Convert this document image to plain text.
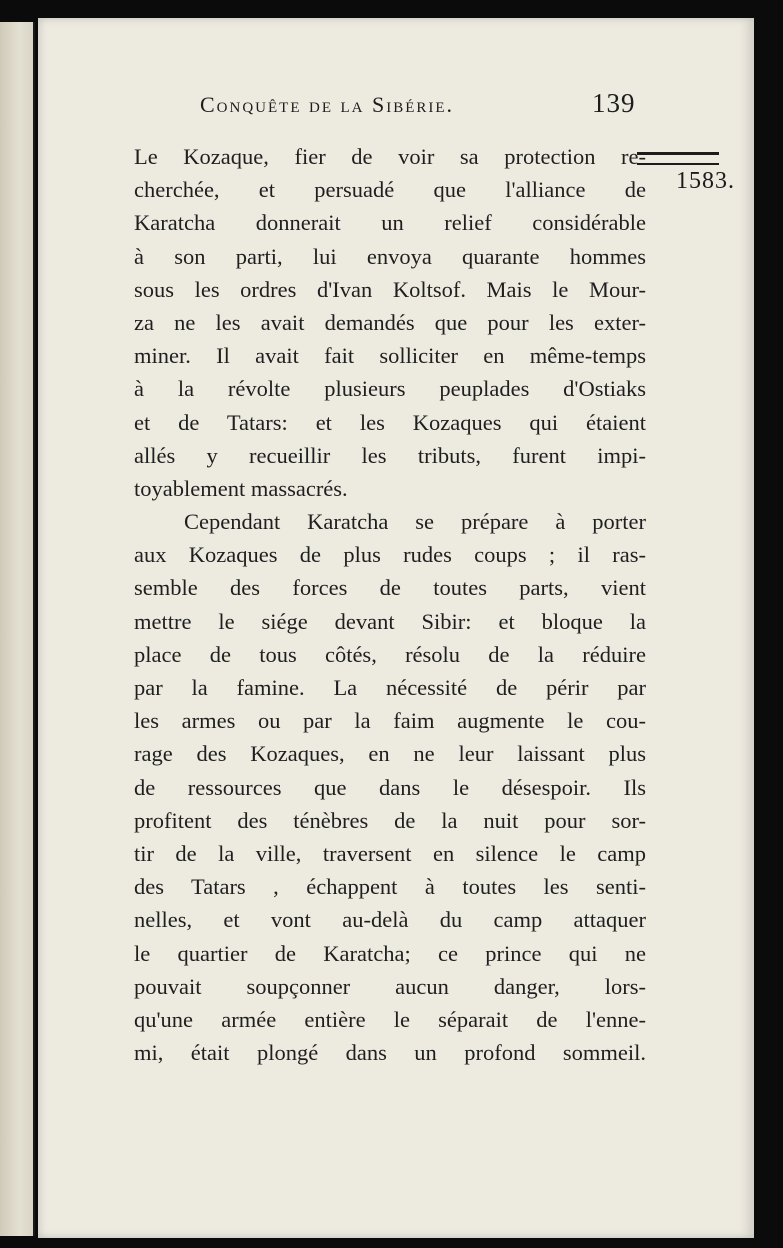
Conquête de la Sibérie.	139
1583.
Le Kozaque, fier de voir sa protection re-
cherchée, et persuadé que l'alliance de
Karatcha donnerait un relief considérable
à son parti, lui envoya quarante hommes
sous les ordres d'Ivan Koltsof. Mais le Mour-
za ne les avait demandés que pour les exter-
miner. Il avait fait solliciter en même-temps
à la révolte plusieurs peuplades d'Ostiaks
et de Tatars: et les Kozaques qui étaient
allés y recueillir les tributs, furent impi-
toyablement massacrés.
Cependant Karatcha se prépare à porter
aux Kozaques de plus rudes coups ; il ras-
semble des forces de toutes parts, vient
mettre le siége devant Sibir: et bloque la
place de tous côtés, résolu de la réduire
par la famine. La nécessité de périr par
les armes ou par la faim augmente le cou-
rage des Kozaques, en ne leur laissant plus
de ressources que dans le désespoir. Ils
profitent des ténèbres de la nuit pour sor-
tir de la ville, traversent en silence le camp
des Tatars , échappent à toutes les senti-
nelles, et vont au-delà du camp attaquer
le quartier de Karatcha; ce prince qui ne
pouvait soupçonner aucun danger, lors-
qu'une armée entière le séparait de l'enne-
mi, était plongé dans un profond sommeil.
